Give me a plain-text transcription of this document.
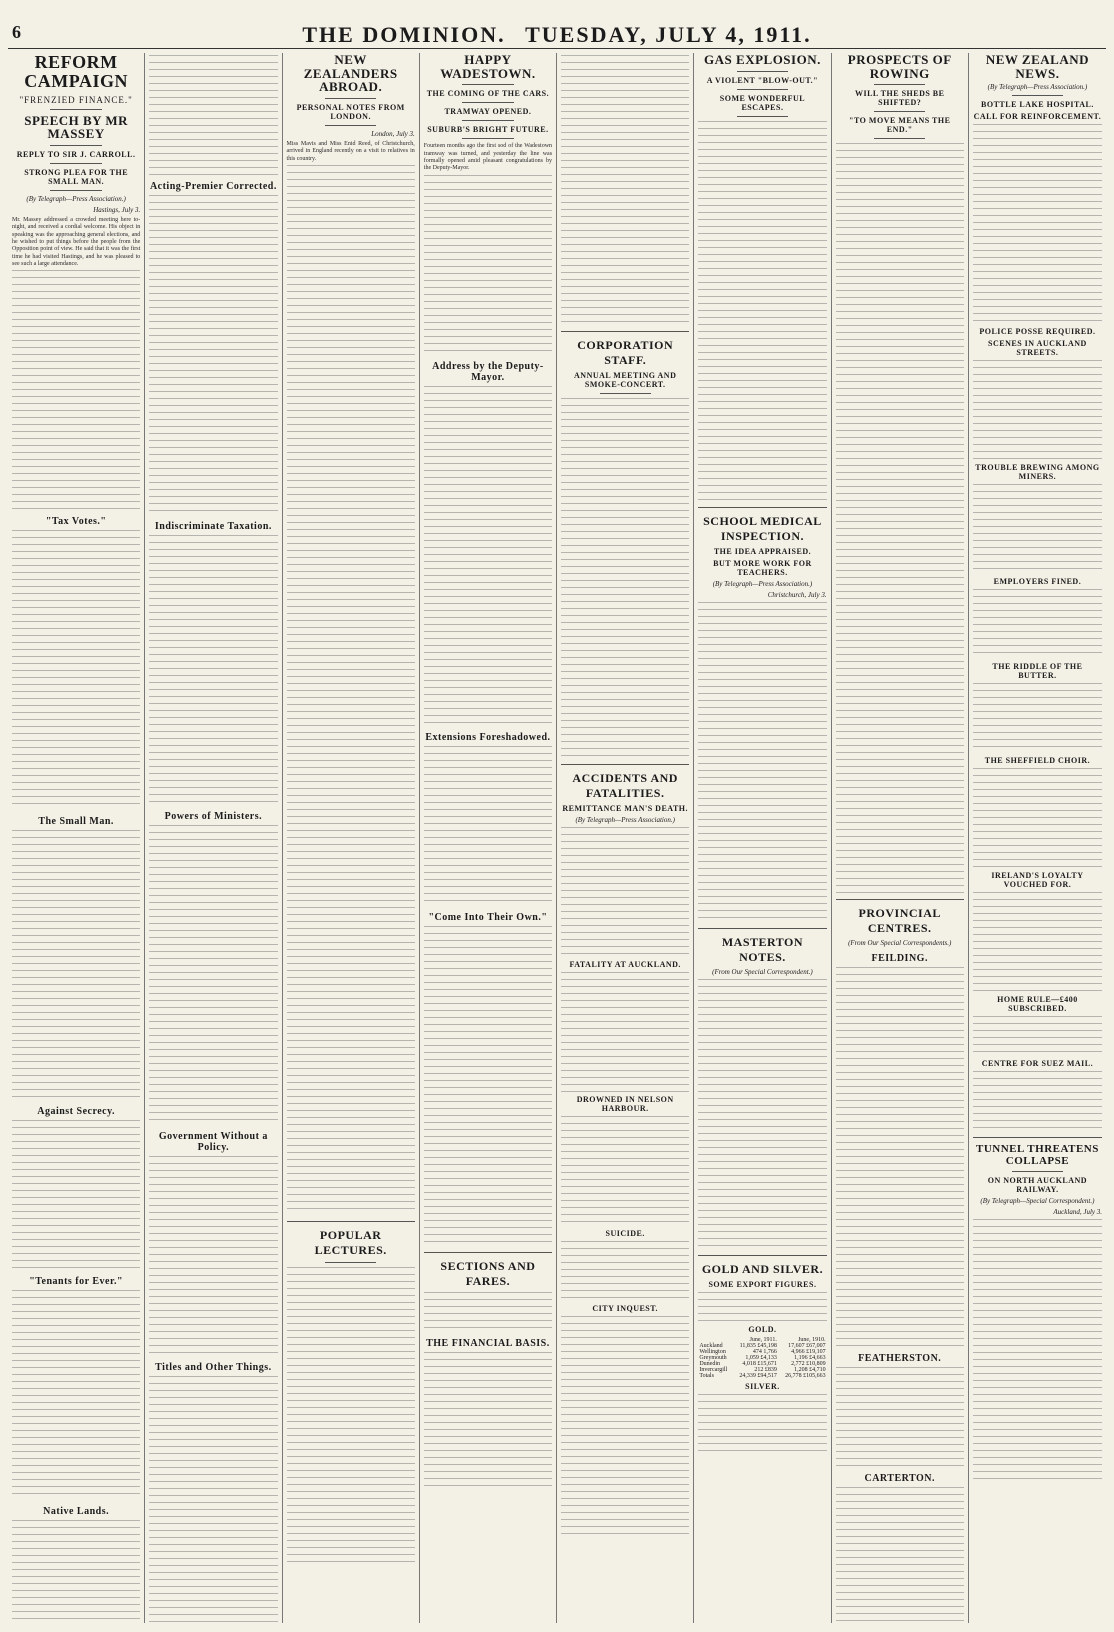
6	THE DOMINION. TUESDAY, JULY 4, 1911.
REFORM CAMPAIGN
"FRENZIED FINANCE."
SPEECH BY MR MASSEY
REPLY TO SIR J. CARROLL.
STRONG PLEA FOR THE SMALL MAN.
(By Telegraph—Press Association.)
Hastings, July 3.
Mr. Massey addressed a crowded meeting here to-night, and received a cordial welcome. His object in speaking was the approaching general elections, and he wished to put things before the people from the Opposition point of view. He said that it was the first time he had visited Hastings, and he was pleased to see such a large attendance.
"Tax Votes."
The Small Man.
Against Secrecy.
"Tenants for Ever."
Native Lands.
Acting-Premier Corrected.
Indiscriminate Taxation.
Powers of Ministers.
Government Without a Policy.
Titles and Other Things.
NEW ZEALANDERS ABROAD.
PERSONAL NOTES FROM LONDON.
London, July 3.
Miss Mavis and Miss Enid Reed, of Christchurch, arrived in England recently on a visit to relatives in this country.
POPULAR LECTURES.
HAPPY WADESTOWN.
THE COMING OF THE CARS.
TRAMWAY OPENED.
SUBURB'S BRIGHT FUTURE.
Fourteen months ago the first sod of the Wadestown tramway was turned, and yesterday the line was formally opened amid pleasant congratulations by the Deputy-Mayor.
Address by the Deputy-Mayor.
Extensions Foreshadowed.
"Come Into Their Own."
SECTIONS AND FARES.
THE FINANCIAL BASIS.
CORPORATION STAFF.
ANNUAL MEETING AND SMOKE-CONCERT.
ACCIDENTS AND FATALITIES.
REMITTANCE MAN'S DEATH.
(By Telegraph—Press Association.)
FATALITY AT AUCKLAND.
DROWNED IN NELSON HARBOUR.
SUICIDE.
CITY INQUEST.
GAS EXPLOSION.
A VIOLENT "BLOW-OUT."
SOME WONDERFUL ESCAPES.
SCHOOL MEDICAL INSPECTION.
THE IDEA APPRAISED.
BUT MORE WORK FOR TEACHERS.
(By Telegraph—Press Association.)
Christchurch, July 3.
MASTERTON NOTES.
(From Our Special Correspondent.)
GOLD AND SILVER.
SOME EXPORT FIGURES.
GOLD.
	June, 1911.	June, 1910.
Auckland	11,835 £45,198	17,607 £67,007
Wellington	474 1,766	4,966 £19,107
Greymouth	1,059 £4,133	1,196 £4,663
Dunedin	4,018 £15,671	2,772 £10,809
Invercargill	212 £839	1,208 £4,710
Totals	24,339 £94,517	26,778 £105,663
SILVER.
PROSPECTS OF ROWING
WILL THE SHEDS BE SHIFTED?
"TO MOVE MEANS THE END."
PROVINCIAL CENTRES.
(From Our Special Correspondents.)
FEILDING.
FEATHERSTON.
CARTERTON.
NEW ZEALAND NEWS.
(By Telegraph—Press Association.)
BOTTLE LAKE HOSPITAL.
CALL FOR REINFORCEMENT.
POLICE POSSE REQUIRED.
SCENES IN AUCKLAND STREETS.
TROUBLE BREWING AMONG MINERS.
EMPLOYERS FINED.
THE RIDDLE OF THE BUTTER.
THE SHEFFIELD CHOIR.
IRELAND'S LOYALTY VOUCHED FOR.
HOME RULE—£400 SUBSCRIBED.
CENTRE FOR SUEZ MAIL.
TUNNEL THREATENS COLLAPSE
ON NORTH AUCKLAND RAILWAY.
(By Telegraph—Special Correspondent.)
Auckland, July 3.
